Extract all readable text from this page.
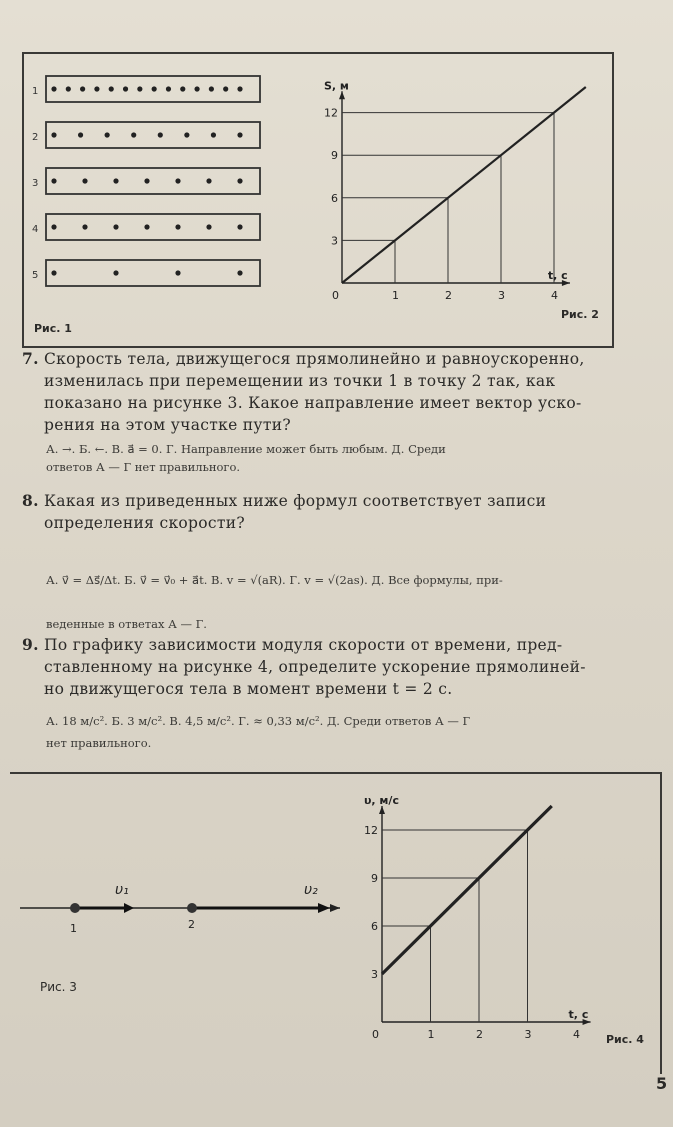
1
2
3
4
5
Рис. 1
1	2	3	4
3
6
9
12
0
S, м
t, c
Рис. 2
7. Скорость тела, движущегося прямолинейно и равноускоренно,
изменилась при перемещении из точки 1 в точку 2 так, как
показано на рисунке 3. Какое направление имеет вектор уско-
рения на этом участке пути?
А. →. Б. ←. В. a⃗ = 0. Г. Направление может быть любым. Д. Среди
ответов А — Г нет правильного.
8. Какая из приведенных ниже формул соответствует записи
определения скорости?
А. v⃗ = Δs⃗/Δt. Б. v⃗ = v⃗₀ + a⃗t. В. v = √(aR). Г. v = √(2as). Д. Все формулы, при-
веденные в ответах А — Г.
9. По графику зависимости модуля скорости от времени, пред-
ставленному на рисунке 4, определите ускорение прямолиней-
но движущегося тела в момент времени t = 2 с.
А. 18 м/с². Б. 3 м/с². В. 4,5 м/с². Г. ≈ 0,33 м/с². Д. Среди ответов А — Г
нет правильного.
υ₁
1
υ₂
2
Рис. 3
1	2	3	4
3
6
9
12
0
υ, м/с
t, c
Рис. 4
5
